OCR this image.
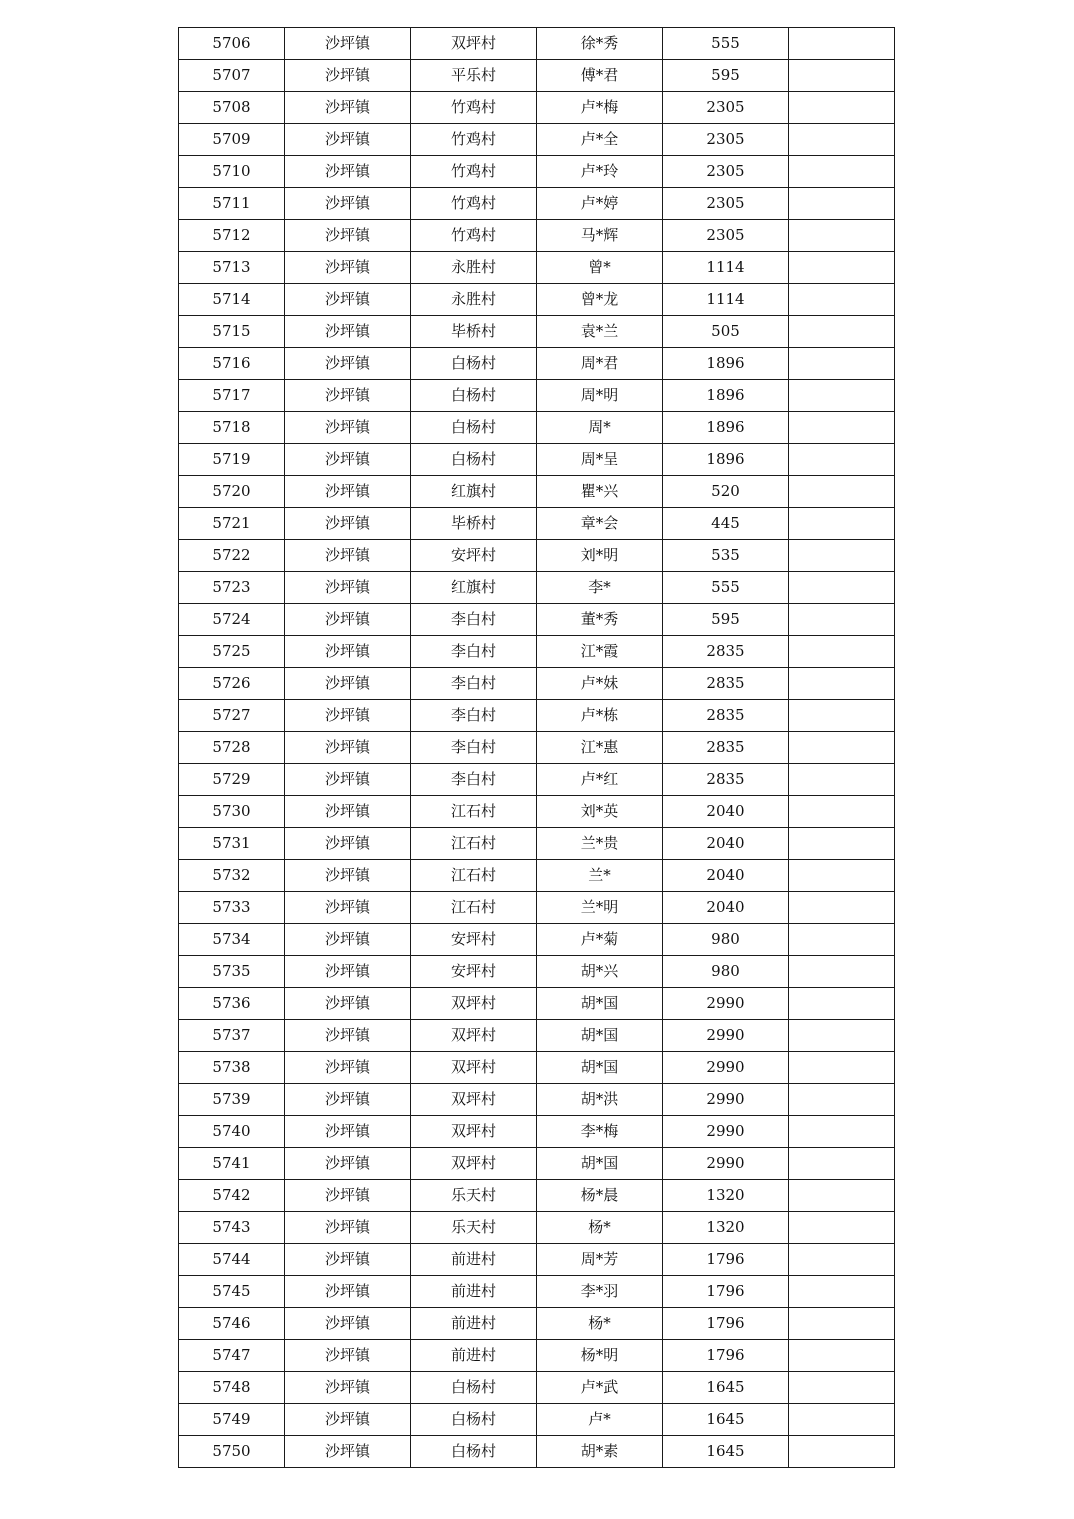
5706	沙坪镇	双坪村	徐*秀	555	
5707	沙坪镇	平乐村	傅*君	595	
5708	沙坪镇	竹鸡村	卢*梅	2305	
5709	沙坪镇	竹鸡村	卢*全	2305	
5710	沙坪镇	竹鸡村	卢*玲	2305	
5711	沙坪镇	竹鸡村	卢*婷	2305	
5712	沙坪镇	竹鸡村	马*辉	2305	
5713	沙坪镇	永胜村	曾*	1114	
5714	沙坪镇	永胜村	曾*龙	1114	
5715	沙坪镇	毕桥村	袁*兰	505	
5716	沙坪镇	白杨村	周*君	1896	
5717	沙坪镇	白杨村	周*明	1896	
5718	沙坪镇	白杨村	周*	1896	
5719	沙坪镇	白杨村	周*呈	1896	
5720	沙坪镇	红旗村	瞿*兴	520	
5721	沙坪镇	毕桥村	章*会	445	
5722	沙坪镇	安坪村	刘*明	535	
5723	沙坪镇	红旗村	李*	555	
5724	沙坪镇	李白村	董*秀	595	
5725	沙坪镇	李白村	江*霞	2835	
5726	沙坪镇	李白村	卢*妹	2835	
5727	沙坪镇	李白村	卢*栋	2835	
5728	沙坪镇	李白村	江*惠	2835	
5729	沙坪镇	李白村	卢*红	2835	
5730	沙坪镇	江石村	刘*英	2040	
5731	沙坪镇	江石村	兰*贵	2040	
5732	沙坪镇	江石村	兰*	2040	
5733	沙坪镇	江石村	兰*明	2040	
5734	沙坪镇	安坪村	卢*菊	980	
5735	沙坪镇	安坪村	胡*兴	980	
5736	沙坪镇	双坪村	胡*国	2990	
5737	沙坪镇	双坪村	胡*国	2990	
5738	沙坪镇	双坪村	胡*国	2990	
5739	沙坪镇	双坪村	胡*洪	2990	
5740	沙坪镇	双坪村	李*梅	2990	
5741	沙坪镇	双坪村	胡*国	2990	
5742	沙坪镇	乐天村	杨*晨	1320	
5743	沙坪镇	乐天村	杨*	1320	
5744	沙坪镇	前进村	周*芳	1796	
5745	沙坪镇	前进村	李*羽	1796	
5746	沙坪镇	前进村	杨*	1796	
5747	沙坪镇	前进村	杨*明	1796	
5748	沙坪镇	白杨村	卢*武	1645	
5749	沙坪镇	白杨村	卢*	1645	
5750	沙坪镇	白杨村	胡*素	1645	
